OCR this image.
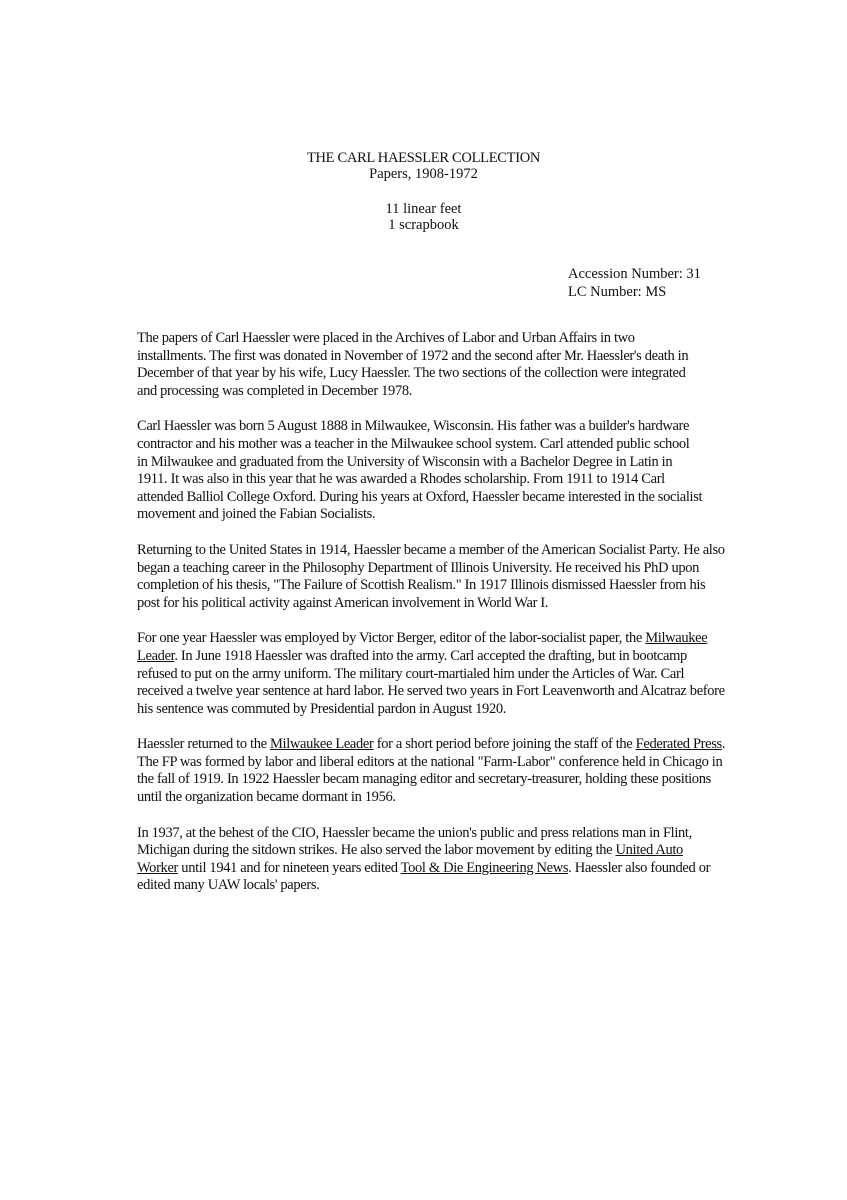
THE CARL HAESSLER COLLECTION
Papers, 1908-1972
11 linear feet
1 scrapbook
Accession Number: 31
LC Number: MS

The papers of Carl Haessler were placed in the Archives of Labor and Urban Affairs in two
installments. The first was donated in November of 1972 and the second after Mr. Haessler's death in
December of that year by his wife, Lucy Haessler. The two sections of the collection were integrated
and processing was completed in December 1978.

Carl Haessler was born 5 August 1888 in Milwaukee, Wisconsin. His father was a builder's hardware
contractor and his mother was a teacher in the Milwaukee school system. Carl attended public school
in Milwaukee and graduated from the University of Wisconsin with a Bachelor Degree in Latin in
1911. It was also in this year that he was awarded a Rhodes scholarship. From 1911 to 1914 Carl
attended Balliol College Oxford. During his years at Oxford, Haessler became interested in the socialist
movement and joined the Fabian Socialists.

Returning to the United States in 1914, Haessler became a member of the American Socialist Party. He also
began a teaching career in the Philosophy Department of Illinois University. He received his PhD upon
completion of his thesis, "The Failure of Scottish Realism." In 1917 Illinois dismissed Haessler from his
post for his political activity against American involvement in World War I.

For one year Haessler was employed by Victor Berger, editor of the labor-socialist paper, the Milwaukee
Leader. In June 1918 Haessler was drafted into the army. Carl accepted the drafting, but in bootcamp
refused to put on the army uniform. The military court-martialed him under the Articles of War. Carl
received a twelve year sentence at hard labor. He served two years in Fort Leavenworth and Alcatraz before
his sentence was commuted by Presidential pardon in August 1920.

Haessler returned to the Milwaukee Leader for a short period before joining the staff of the Federated Press.
The FP was formed by labor and liberal editors at the national "Farm-Labor" conference held in Chicago in
the fall of 1919. In 1922 Haessler becam managing editor and secretary-treasurer, holding these positions
until the organization became dormant in 1956.

In 1937, at the behest of the CIO, Haessler became the union's public and press relations man in Flint,
Michigan during the sitdown strikes. He also served the labor movement by editing the United Auto
Worker until 1941 and for nineteen years edited Tool & Die Engineering News. Haessler also founded or
edited many UAW locals' papers.
